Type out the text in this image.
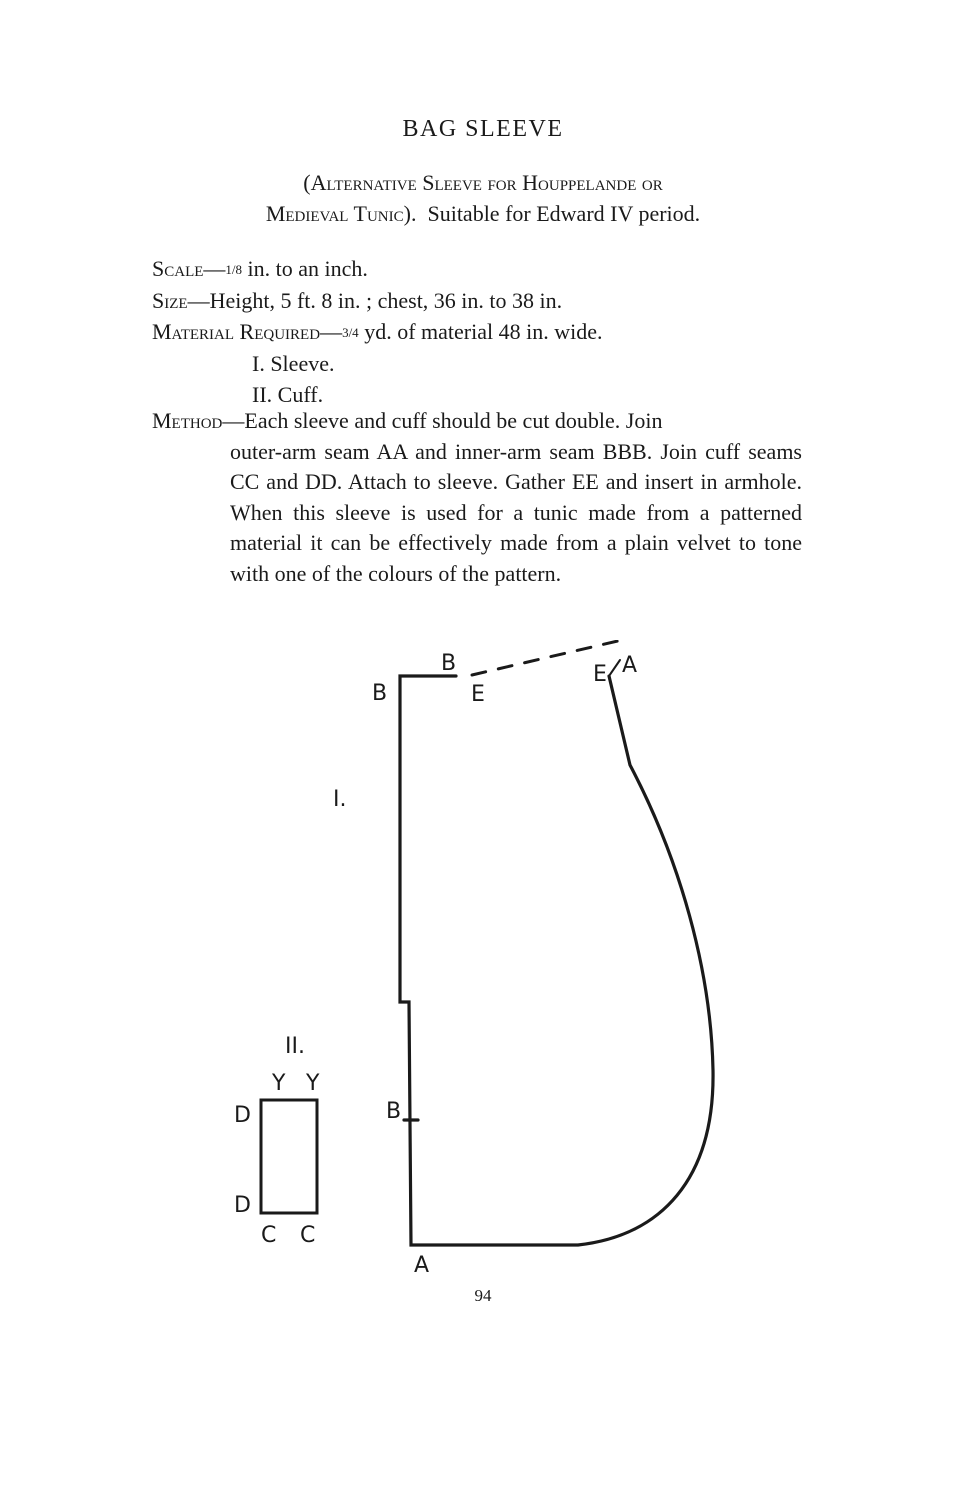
BAG SLEEVE
(Alternative Sleeve for Houppelande or
Medieval Tunic). Suitable for Edward IV period.
Scale—1/8 in. to an inch.
Size—Height, 5 ft. 8 in. ; chest, 36 in. to 38 in.
Material Required—3/4 yd. of material 48 in. wide.
I. Sleeve.
II. Cuff.
Method—Each sleeve and cuff should be cut double. Join
outer-arm seam AA and inner-arm seam BBB. Join cuff seams CC and DD. Attach to sleeve. Gather EE and insert in armhole. When this sleeve is used for a tunic made from a patterned material it can be effectively made from a plain velvet to tone with one of the colours of the pattern.
I.
II.
B
B
B
E
E A
A
Y Y
D
D
C C
94
